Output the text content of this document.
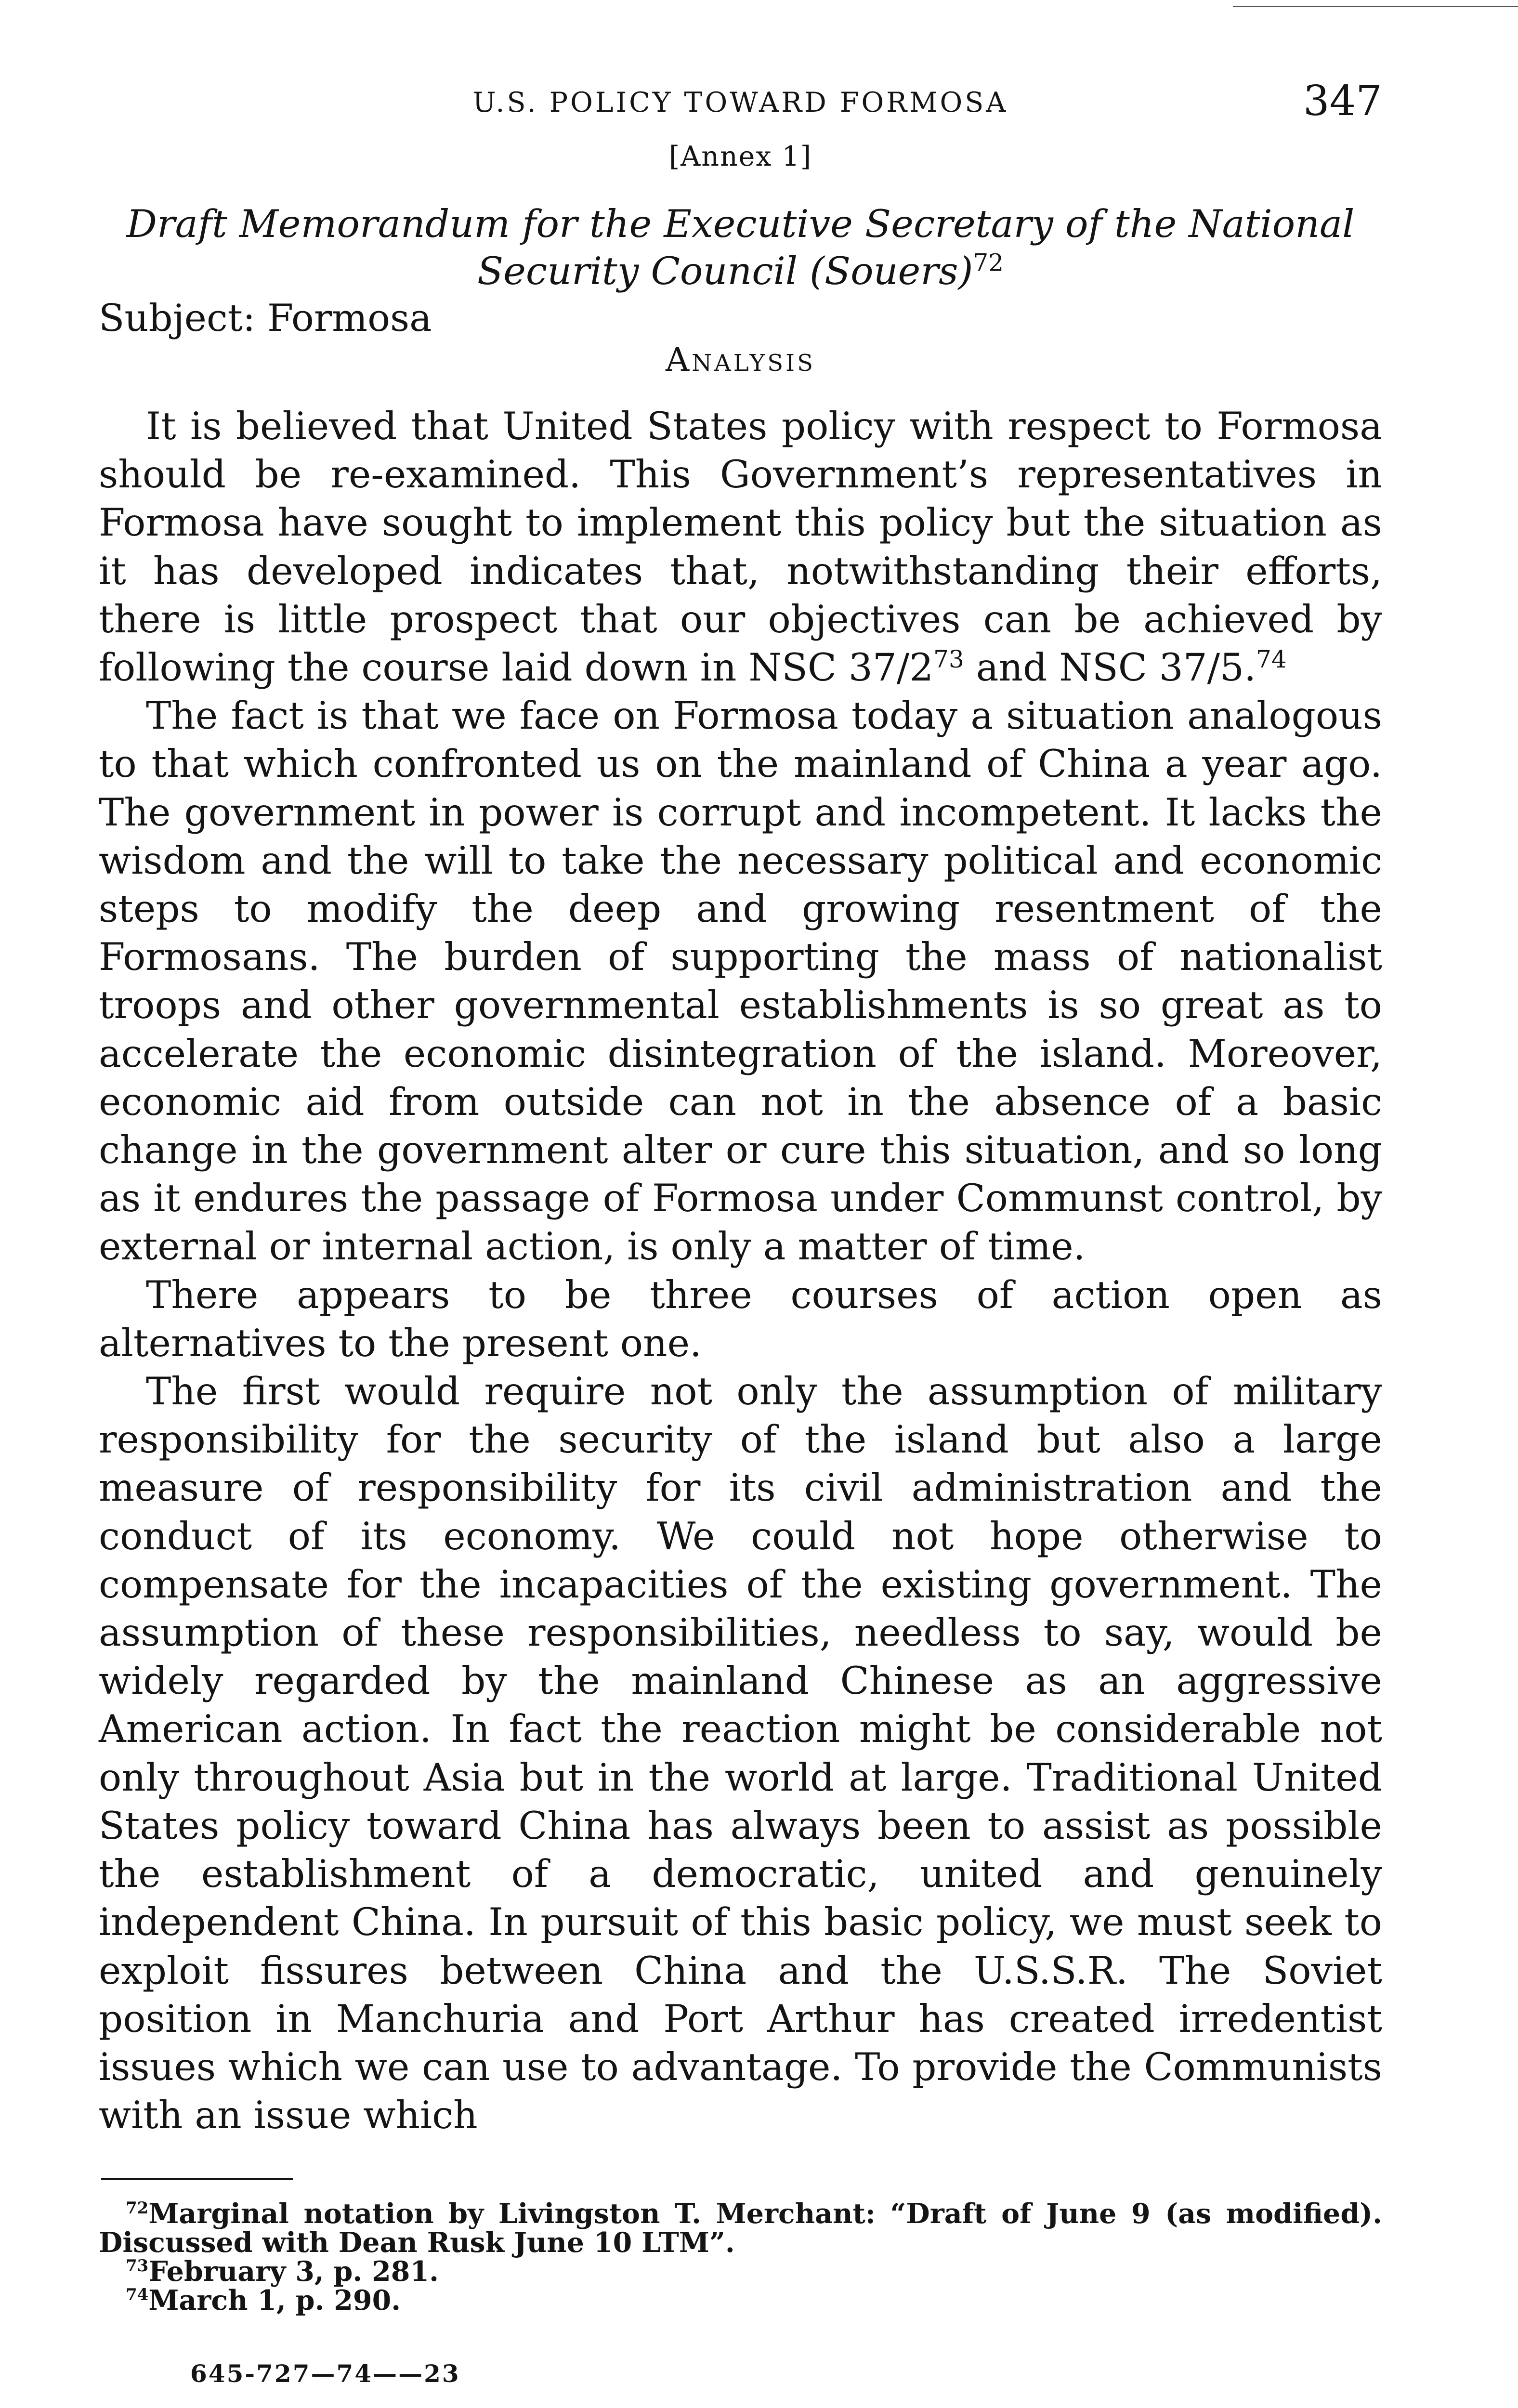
U.S. POLICY TOWARD FORMOSA	347
[Annex 1]
Draft Memorandum for the Executive Secretary of the National
Security Council (Souers)$^{72}$
Subject: Formosa
Analysis

It is believed that United States policy with respect to Formosa should be re-examined. This Government’s representatives in Formosa have sought to implement this policy but the situation as it has developed indicates that, notwithstanding their efforts, there is little prospect that our objectives can be achieved by following the course laid down in NSC $37/2^{73}$ and NSC 37/5.74

The fact is that we face on Formosa today a situation analogous to that which confronted us on the mainland of China a year ago. The government in power is corrupt and incompetent. It lacks the wisdom and the will to take the necessary political and economic steps to modify the deep and growing resentment of the Formosans. The burden of supporting the mass of nationalist troops and other governmental establishments is so great as to accelerate the economic disintegration of the island. Moreover, economic aid from outside can not in the absence of a basic change in the government alter or cure this situation, and so long as it endures the passage of Formosa under Communst control, by external or internal action, is only a matter of time.

There appears to be three courses of action open as alternatives to the present one.

The first would require not only the assumption of military responsibility for the security of the island but also a large measure of responsibility for its civil administration and the conduct of its economy. We could not hope otherwise to compensate for the incapacities of the existing government. The assumption of these responsibilities, needless to say, would be widely regarded by the mainland Chinese as an aggressive American action. In fact the reaction might be considerable not only throughout Asia but in the world at large. Traditional United States policy toward China has always been to assist as possible the establishment of a democratic, united and genuinely independent China. In pursuit of this basic policy, we must seek to exploit fissures between China and the U.S.S.R. The Soviet position in Manchuria and Port Arthur has created irredentist issues which we can use to advantage. To provide the Communists with an issue which

$^{72}$Marginal notation by Livingston T. Merchant: “Draft of June 9 (as modified). Discussed with Dean Rusk June 10 LTM”.

$^{73}$February 3, p. 281.

$^{74}$March 1, p. 290.

645-727—74——23
